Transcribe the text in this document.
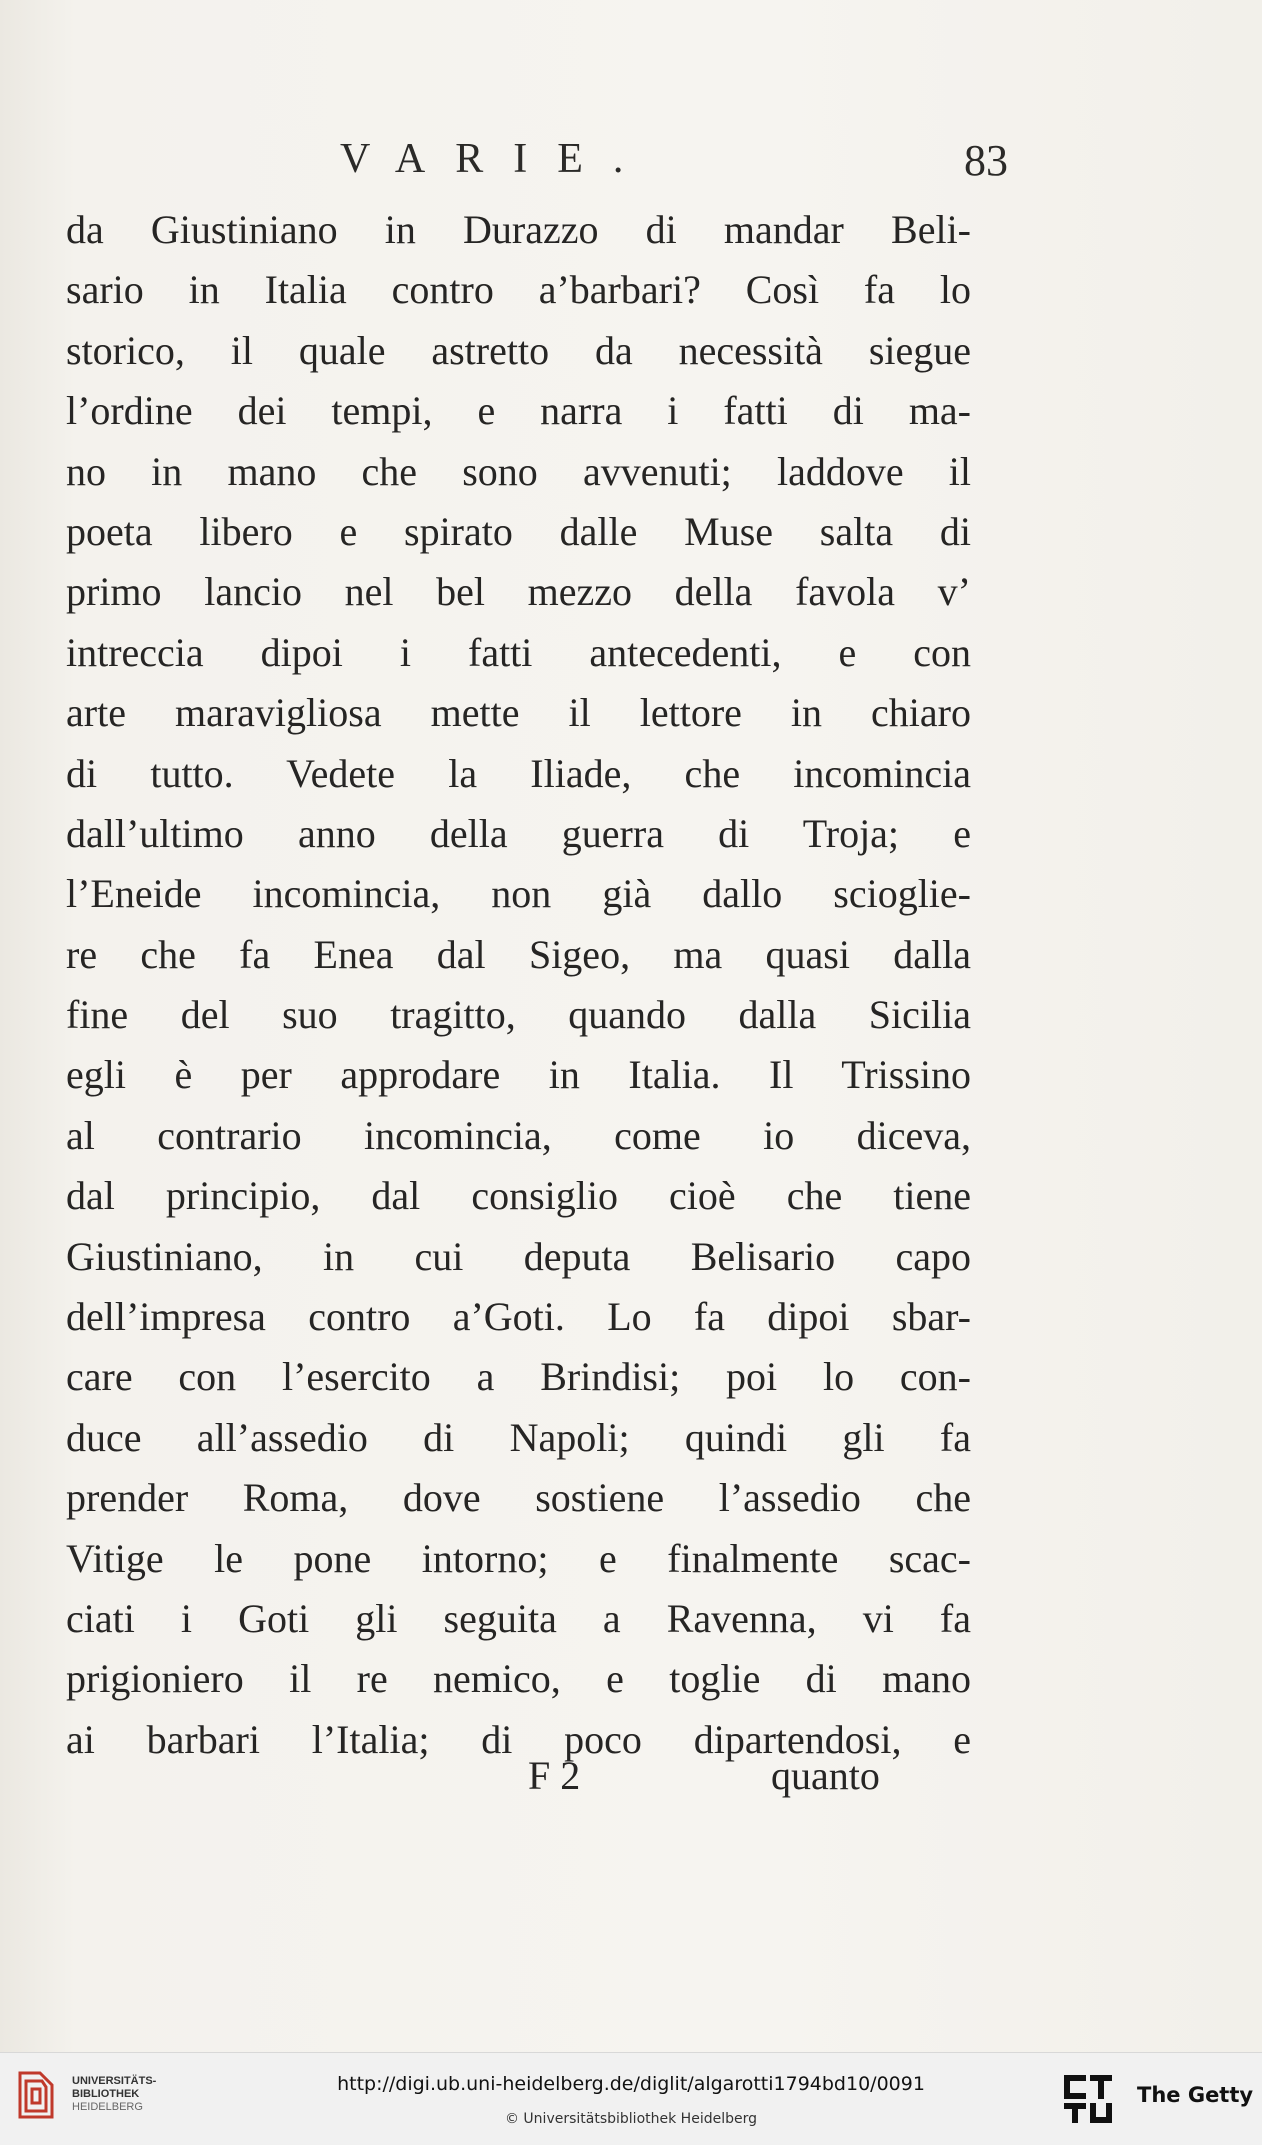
VARIE.	83
da Giustiniano in Durazzo di mandar Beli-
sario in Italia contro a’barbari? Così fa lo
storico, il quale astretto da necessità siegue
l’ordine dei tempi, e narra i fatti di ma-
no in mano che sono avvenuti; laddove il
poeta libero e spirato dalle Muse salta di
primo lancio nel bel mezzo della favola v’
intreccia dipoi i fatti antecedenti, e con
arte maravigliosa mette il lettore in chiaro
di tutto. Vedete la Iliade, che incomincia
dall’ultimo anno della guerra di Troja; e
l’Eneide incomincia, non già dallo scioglie-
re che fa Enea dal Sigeo, ma quasi dalla
fine del suo tragitto, quando dalla Sicilia
egli è per approdare in Italia. Il Trissino
al contrario incomincia, come io diceva,
dal principio, dal consiglio cioè che tiene
Giustiniano, in cui deputa Belisario capo
dell’impresa contro a’Goti. Lo fa dipoi sbar-
care con l’esercito a Brindisi; poi lo con-
duce all’assedio di Napoli; quindi gli fa
prender Roma, dove sostiene l’assedio che
Vitige le pone intorno; e finalmente scac-
ciati i Goti gli seguita a Ravenna, vi fa
prigioniero il re nemico, e toglie di mano
ai barbari l’Italia; di poco dipartendosi, e
F 2	quanto
UNIVERSITÄTS-
BIBLIOTHEK
HEIDELBERG
http://digi.ub.uni-heidelberg.de/diglit/algarotti1794bd10/0091
© Universitätsbibliothek Heidelberg
The Getty
